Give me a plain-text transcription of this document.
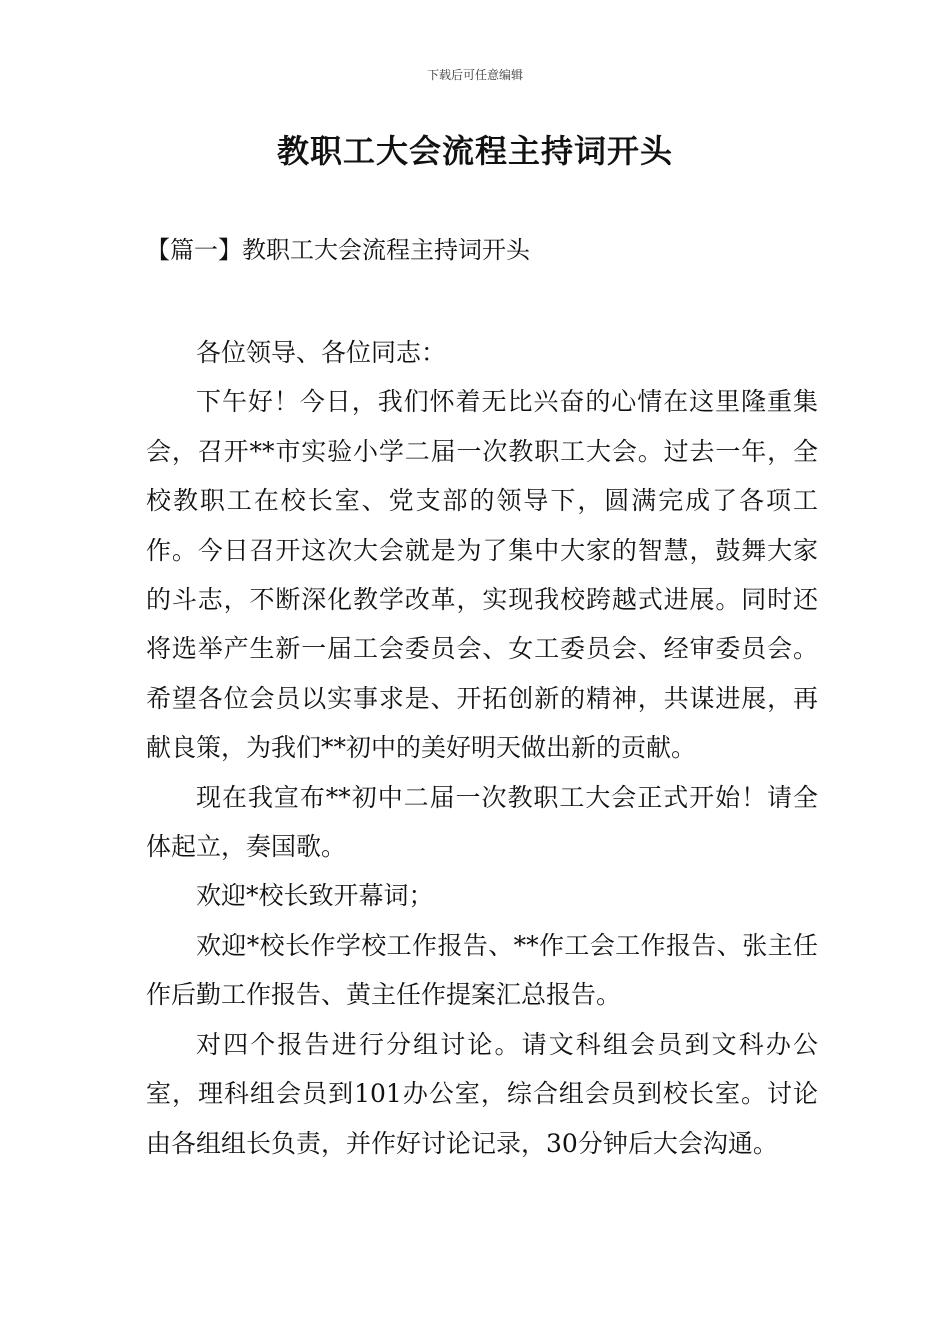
下载后可任意编辑
教职工大会流程主持词开头
【篇一】教职工大会流程主持词开头

各位领导、各位同志：

下午好！今日，我们怀着无比兴奋的心情在这里隆重集会，召开**市实验小学二届一次教职工大会。过去一年，全校教职工在校长室、党支部的领导下，圆满完成了各项工作。今日召开这次大会就是为了集中大家的智慧，鼓舞大家的斗志，不断深化教学改革，实现我校跨越式进展。同时还将选举产生新一届工会委员会、女工委员会、经审委员会。希望各位会员以实事求是、开拓创新的精神，共谋进展，再献良策，为我们**初中的美好明天做出新的贡献。

现在我宣布**初中二届一次教职工大会正式开始！请全体起立，奏国歌。

欢迎*校长致开幕词；

欢迎*校长作学校工作报告、**作工会工作报告、张主任作后勤工作报告、黄主任作提案汇总报告。

对四个报告进行分组讨论。请文科组会员到文科办公室，理科组会员到101办公室，综合组会员到校长室。讨论由各组组长负责，并作好讨论记录，30分钟后大会沟通。
